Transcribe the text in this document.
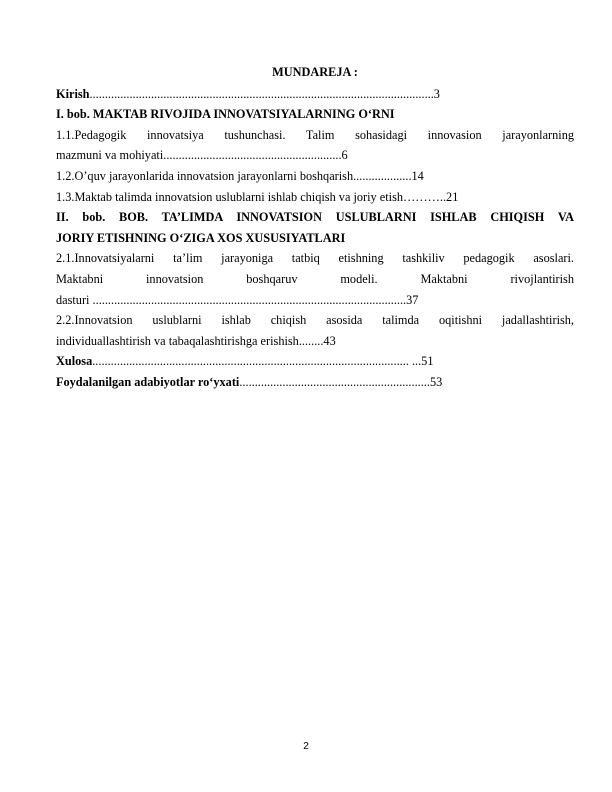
MUNDAREJA :
Kirish................................................................................................................3
I. bob. MAKTAB RIVOJIDA INNOVATSIYALARNING O‘RNI
1.1.Pedagogik innovatsiya tushunchasi. Talim sohasidagi innovasion jarayonlarning
mazmuni va mohiyati..........................................................6
1.2.O’quv jarayonlarida innovatsion jarayonlarni boshqarish...................14
1.3.Maktab talimda innovatsion uslublarni ishlab chiqish va joriy etish………..21
II. bob. BOB. TA’LIMDA INNOVATSION USLUBLARNI ISHLAB CHIQISH VA
JORIY ETISHNING O‘ZIGA XOS XUSUSIYATLARI
2.1.Innovatsiyalarni ta’lim jarayoniga tatbiq etishning tashkiliv pedagogik asoslari.
Maktabni innovatsion boshqaruv modeli. Maktabni rivojlantirish
dasturi ......................................................................................................37
2.2.Innovatsion uslublarni ishlab chiqish asosida talimda oqitishni jadallashtirish,
individuallashtirish va tabaqalashtirishga erishish........43
Xulosa....................................................................................................... ...51
Foydalanilgan adabiyotlar ro‘yxati..............................................................53
2
